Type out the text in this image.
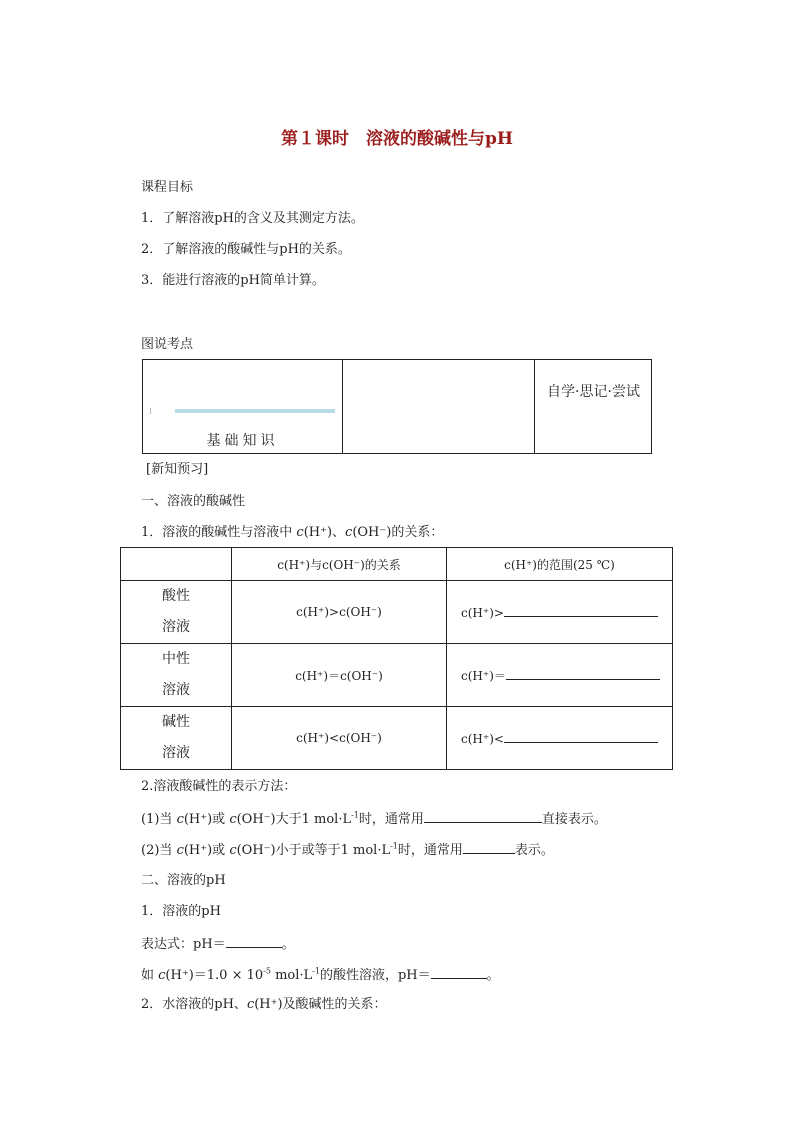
第１课时　溶液的酸碱性与pH
课程目标
1．了解溶液pH的含义及其测定方法。
2．了解溶液的酸碱性与pH的关系。
3．能进行溶液的pH简单计算。
图说考点
基础知识
自学·思记·尝试
[新知预习]
一、溶液的酸碱性
1．溶液的酸碱性与溶液中 c(H⁺)、c(OH⁻)的关系：
	c(H⁺)与c(OH⁻)的关系	c(H⁺)的范围(25 ℃)

酸性
溶液	c(H⁺)>c(OH⁻)	c(H⁺)>

中性
溶液	c(H⁺)＝c(OH⁻)	c(H⁺)＝

碱性
溶液	c(H⁺)<c(OH⁻)	c(H⁺)<
2.溶液酸碱性的表示方法：
(1)当 c(H⁺)或 c(OH⁻)大于1 $mol\cdot L^{-1}$时，通常用	直接表示。
(2)当 c(H⁺)或 c(OH⁻)小于或等于1 $mol\cdot L^{-1}$时，通常用	表示。
二、溶液的pH
1．溶液的pH
表达式：pH＝	。
如 $c(H^+)=1.0 \times 10^{-5}$ $mol\cdot L^{-1}$的酸性溶液，pH＝	。
2．水溶液的pH、c(H⁺)及酸碱性的关系：
